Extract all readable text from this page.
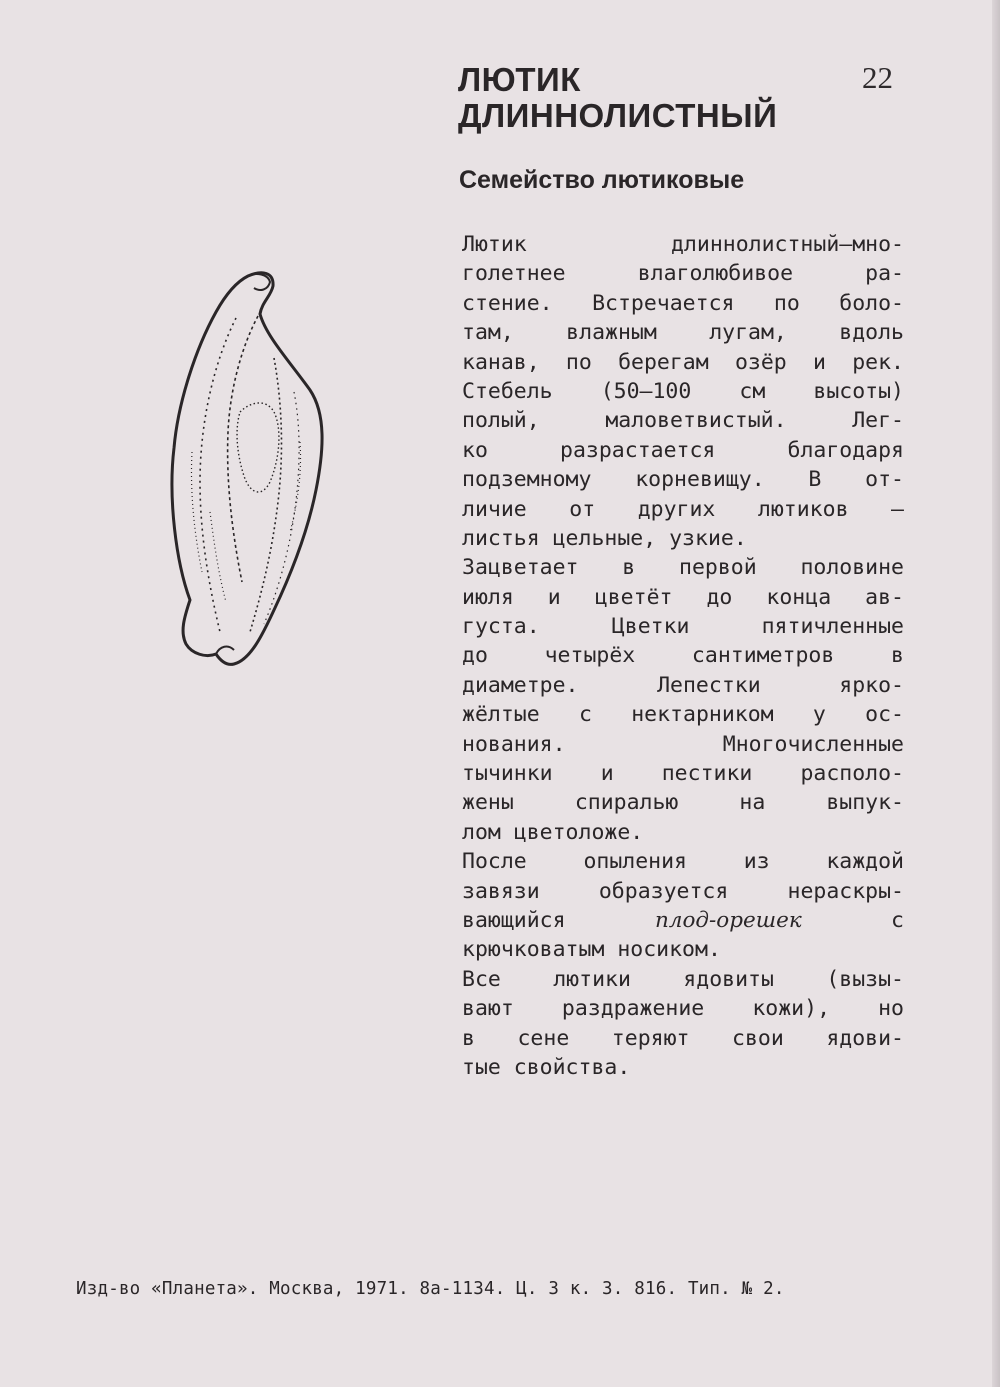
ЛЮТИК
ДЛИННОЛИСТНЫЙ
22
Семейство лютиковые
Лютик длиннолистный—мно-
голетнее влаголюбивое ра-
стение. Встречается по боло-
там, влажным лугам, вдоль
канав, по берегам озёр и рек.
Стебель (50—100 см высоты)
полый, маловетвистый. Лег-
ко разрастается благодаря
подземному корневищу. В от-
личие от других лютиков —
листья цельные, узкие.
Зацветает в первой половине
июля и цветёт до конца ав-
густа. Цветки пятичленные
до четырёх сантиметров в
диаметре. Лепестки ярко-
жёлтые с нектарником у ос-
нования. Многочисленные
тычинки и пестики располо-
жены спиралью на выпук-
лом цветоложе.
После опыления из каждой
завязи образуется нераскры-
вающийся плод-орешек с
крючковатым носиком.
Все лютики ядовиты (вызы-
вают раздражение кожи), но
в сене теряют свои ядови-
тые свойства.
Изд-во «Планета». Москва, 1971. 8а-1134. Ц. 3 к. З. 816. Тип. № 2.
